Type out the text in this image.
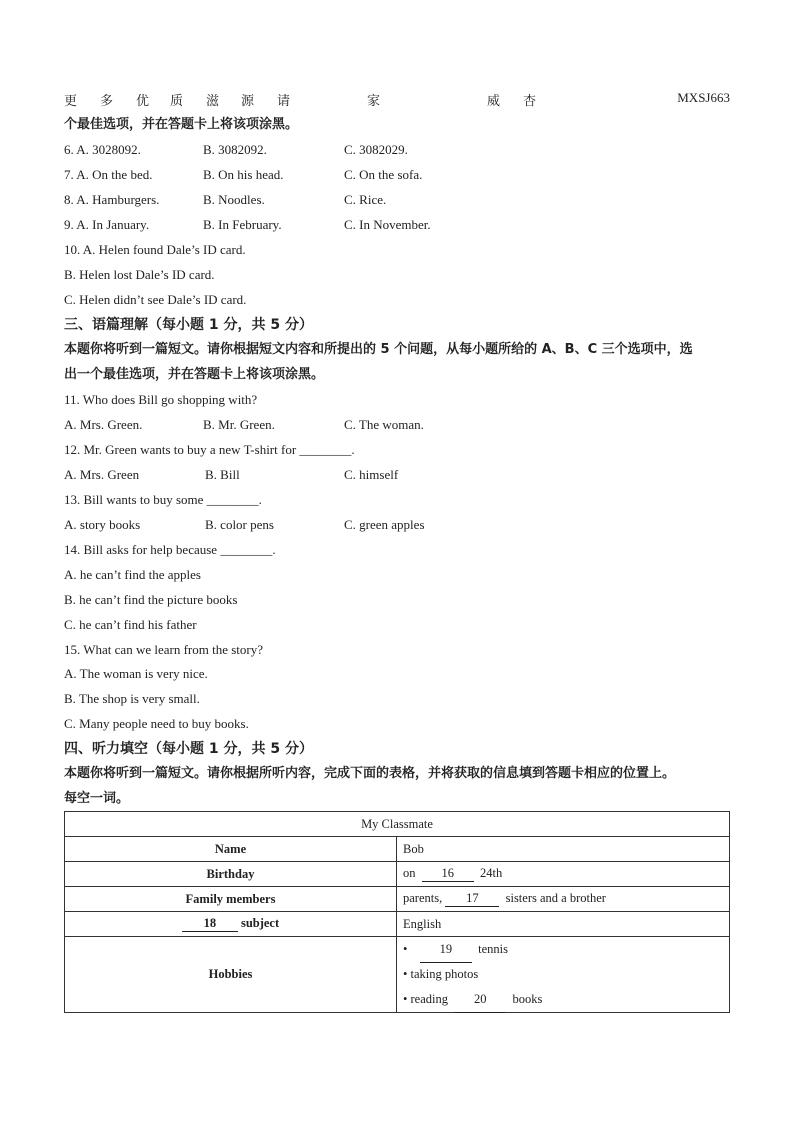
更 多 优 质 滋 源 请	家	威 杏	MXSJ663
个最佳选项，并在答题卡上将该项涂黑。
6. A. 3028092.	B. 3082092.	C. 3082029.
7. A. On the bed.	B. On his head.	C. On the sofa.
8. A. Hamburgers.	B. Noodles.	C. Rice.
9. A. In January.	B. In February.	C. In November.
10. A. Helen found Dale’s ID card.
B. Helen lost Dale’s ID card.
C. Helen didn’t see Dale’s ID card.
三、语篇理解（每小题 1 分，共 5 分）
本题你将听到一篇短文。请你根据短文内容和所提出的 5 个问题，从每小题所给的 A、B、C 三个选项中，选
出一个最佳选项，并在答题卡上将该项涂黑。
11. Who does Bill go shopping with?
A. Mrs. Green.	B. Mr. Green.	C. The woman.
12. Mr. Green wants to buy a new T-shirt for ________.
A. Mrs. Green	B. Bill	C. himself
13. Bill wants to buy some ________.
A. story books	B. color pens	C. green apples
14. Bill asks for help because ________.
A. he can’t find the apples
B. he can’t find the picture books
C. he can’t find his father
15. What can we learn from the story?
A. The woman is very nice.
B. The shop is very small.
C. Many people need to buy books.
四、听力填空（每小题 1 分，共 5 分）
本题你将听到一篇短文。请你根据所听内容，完成下面的表格，并将获取的信息填到答题卡相应的位置上。
每空一词。
My Classmate	
Name	Bob
Birthday	on 16 24th
Family members	parents, 17 sisters and a brother
18 subject	English
Hobbies	• 19 tennis
• taking photos
• reading 20 books
